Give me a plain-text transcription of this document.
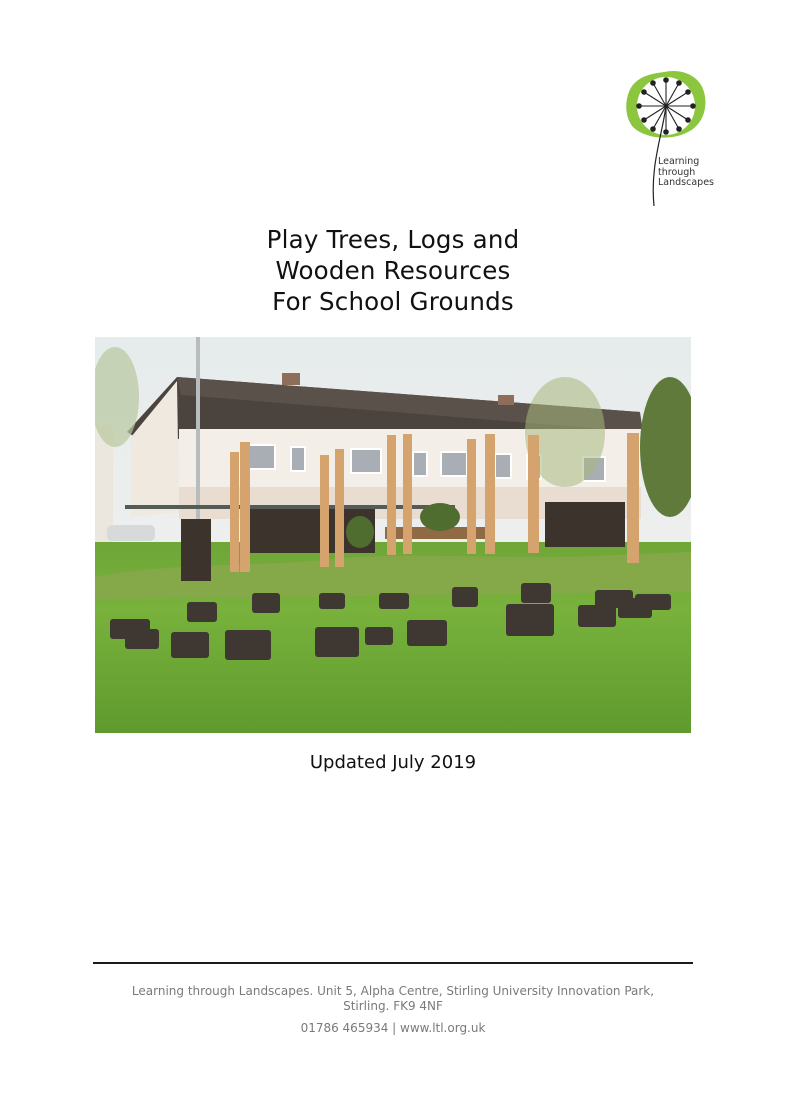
Learning
through
Landscapes
Play Trees, Logs and
Wooden Resources
For School Grounds
Updated July 2019
Learning through Landscapes. Unit 5, Alpha Centre, Stirling University Innovation Park,
Stirling. FK9 4NF
01786 465934 | www.ltl.org.uk
